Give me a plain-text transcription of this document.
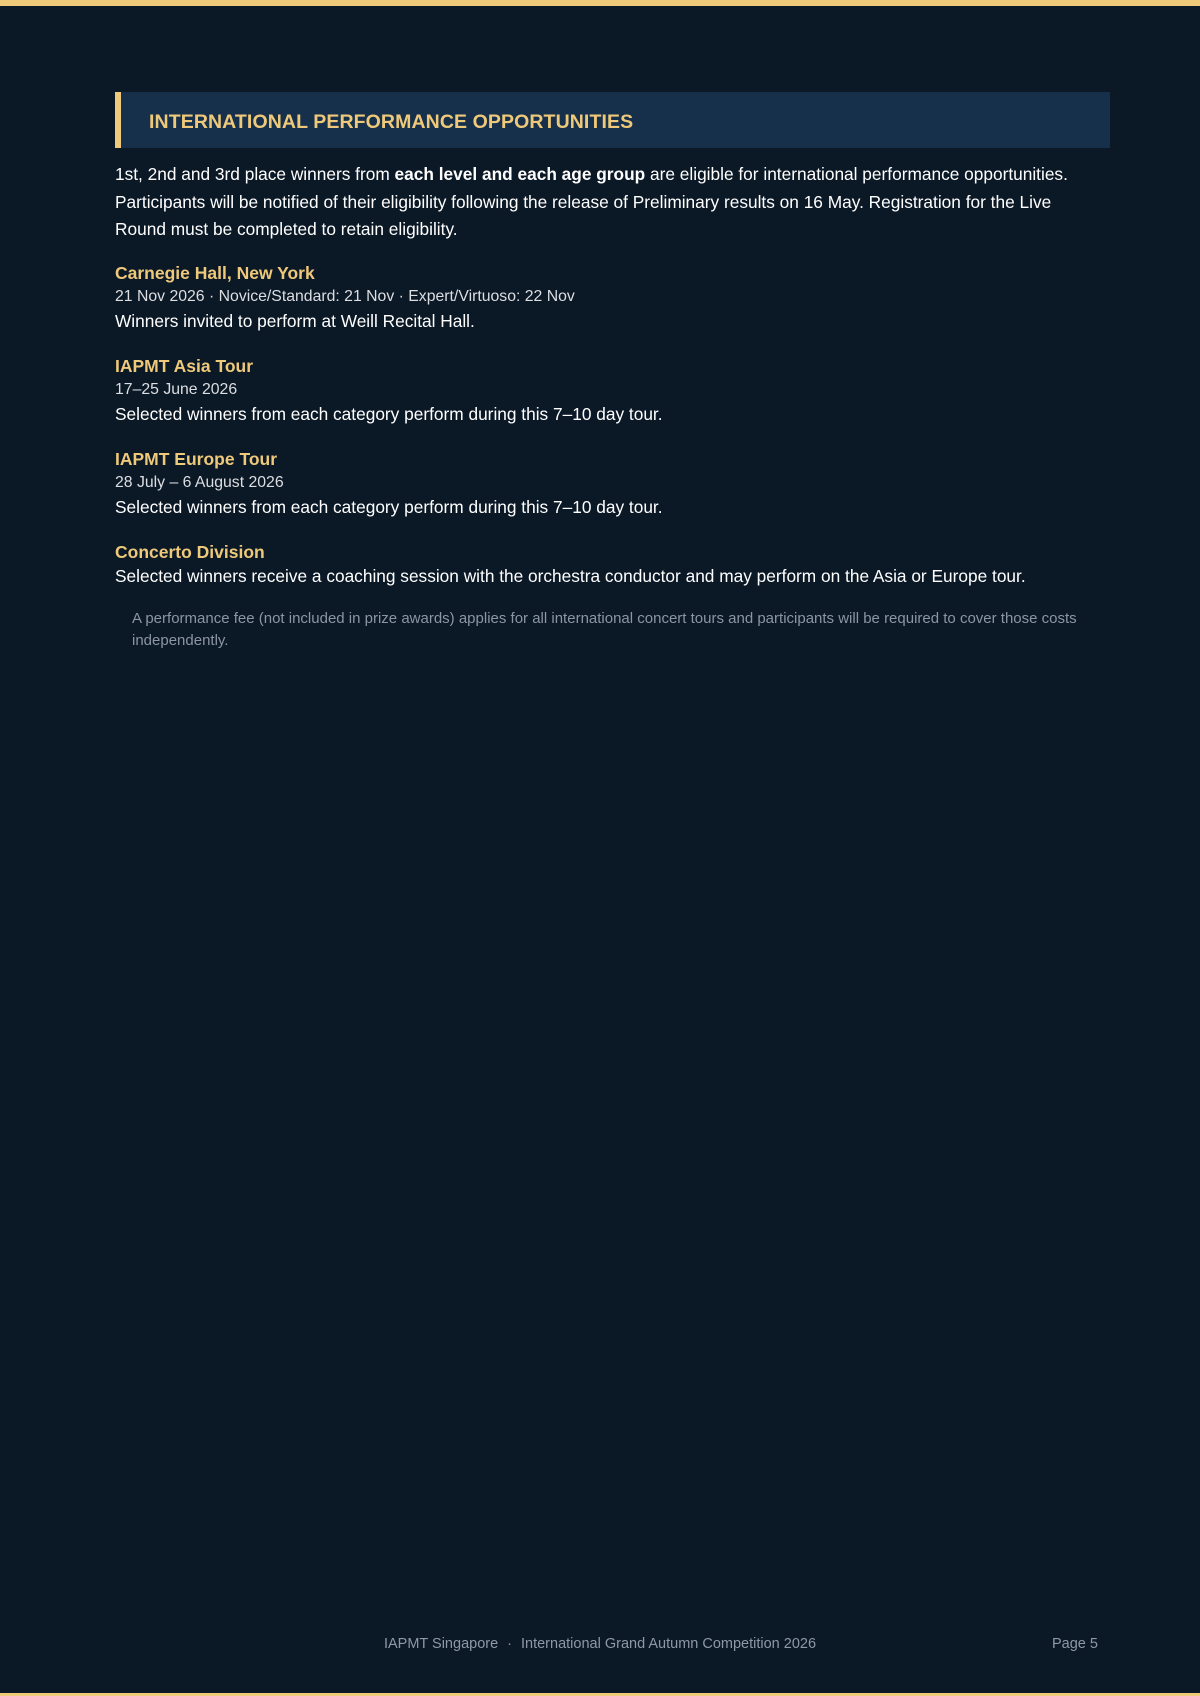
INTERNATIONAL PERFORMANCE OPPORTUNITIES

1st, 2nd and 3rd place winners from each level and each age group are eligible for international performance opportunities. Participants will be notified of their eligibility following the release of Preliminary results on 16 May. Registration for the Live Round must be completed to retain eligibility.

Carnegie Hall, New York
21 Nov 2026 · Novice/Standard: 21 Nov · Expert/Virtuoso: 22 Nov
Winners invited to perform at Weill Recital Hall.
IAPMT Asia Tour
17–25 June 2026
Selected winners from each category perform during this 7–10 day tour.
IAPMT Europe Tour
28 July – 6 August 2026
Selected winners from each category perform during this 7–10 day tour.
Concerto Division
Selected winners receive a coaching session with the orchestra conductor and may perform on the Asia or Europe tour.

A performance fee (not included in prize awards) applies for all international concert tours and participants will be required to cover those costs independently.

IAPMT Singapore · International Grand Autumn Competition 2026	Page 5
